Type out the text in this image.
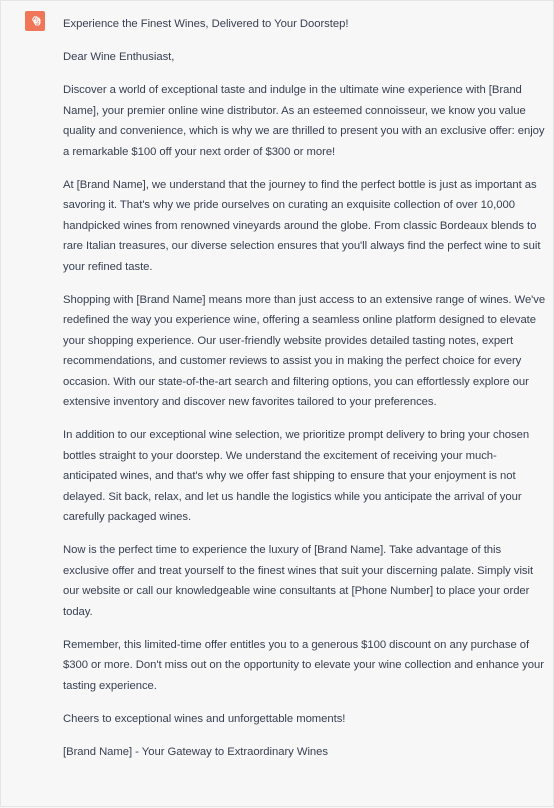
Experience the Finest Wines, Delivered to Your Doorstep!

Dear Wine Enthusiast,

Discover a world of exceptional taste and indulge in the ultimate wine experience with [Brand Name], your premier online wine distributor. As an esteemed connoisseur, we know you value quality and convenience, which is why we are thrilled to present you with an exclusive offer: enjoy a remarkable $100 off your next order of $300 or more!

At [Brand Name], we understand that the journey to find the perfect bottle is just as important as savoring it. That's why we pride ourselves on curating an exquisite collection of over 10,000 handpicked wines from renowned vineyards around the globe. From classic Bordeaux blends to rare Italian treasures, our diverse selection ensures that you'll always find the perfect wine to suit your refined taste.

Shopping with [Brand Name] means more than just access to an extensive range of wines. We've redefined the way you experience wine, offering a seamless online platform designed to elevate your shopping experience. Our user-friendly website provides detailed tasting notes, expert recommendations, and customer reviews to assist you in making the perfect choice for every occasion. With our state-of-the-art search and filtering options, you can effortlessly explore our extensive inventory and discover new favorites tailored to your preferences.

In addition to our exceptional wine selection, we prioritize prompt delivery to bring your chosen bottles straight to your doorstep. We understand the excitement of receiving your much-anticipated wines, and that's why we offer fast shipping to ensure that your enjoyment is not delayed. Sit back, relax, and let us handle the logistics while you anticipate the arrival of your carefully packaged wines.

Now is the perfect time to experience the luxury of [Brand Name]. Take advantage of this exclusive offer and treat yourself to the finest wines that suit your discerning palate. Simply visit our website or call our knowledgeable wine consultants at [Phone Number] to place your order today.

Remember, this limited-time offer entitles you to a generous $100 discount on any purchase of $300 or more. Don't miss out on the opportunity to elevate your wine collection and enhance your tasting experience.

Cheers to exceptional wines and unforgettable moments!

[Brand Name] - Your Gateway to Extraordinary Wines
